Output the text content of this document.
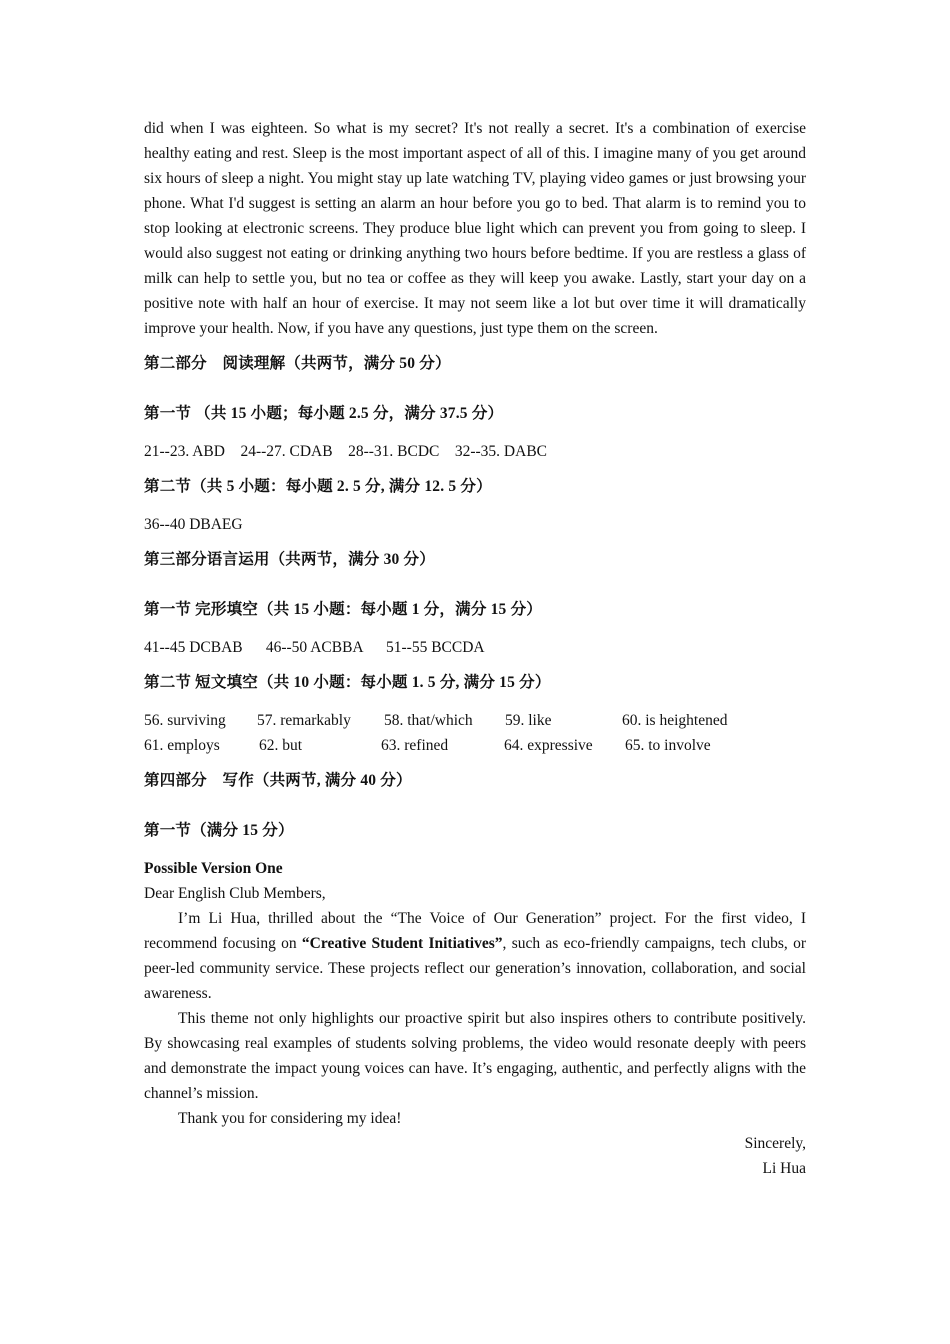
did when I was eighteen. So what is my secret? It's not really a secret. It's a combination of exercise healthy eating and rest. Sleep is the most important aspect of all of this. I imagine many of you get around six hours of sleep a night. You might stay up late watching TV, playing video games or just browsing your phone. What I'd suggest is setting an alarm an hour before you go to bed. That alarm is to remind you to stop looking at electronic screens. They produce blue light which can prevent you from going to sleep. I would also suggest not eating or drinking anything two hours before bedtime. If you are restless a glass of milk can help to settle you, but no tea or coffee as they will keep you awake. Lastly, start your day on a positive note with half an hour of exercise. It may not seem like a lot but over time it will dramatically improve your health. Now, if you have any questions, just type them on the screen.

第二部分　阅读理解（共两节，满分 50 分）

第一节 （共 15 小题；每小题 2.5 分，满分 37.5 分）

21--23. ABD    24--27. CDAB    28--31. BCDC    32--35. DABC

第二节（共 5 小题：每小题 2. 5 分, 满分 12. 5 分）

36--40 DBAEG

第三部分语言运用（共两节，满分 30 分）

第一节 完形填空（共 15 小题：每小题 1 分，满分 15 分）

41--45 DCBAB      46--50 ACBBA      51--55 BCCDA

第二节 短文填空（共 10 小题：每小题 1. 5 分, 满分 15 分）

56. surviving	57. remarkably	58. that/which	59. like	60. is heightened
61. employs	62. but	63. refined	64. expressive	65. to involve

第四部分　写作（共两节, 满分 40 分）

第一节（满分 15 分）

Possible Version One

Dear English Club Members,

I’m Li Hua, thrilled about the “The Voice of Our Generation” project. For the first video, I recommend focusing on “Creative Student Initiatives”, such as eco-friendly campaigns, tech clubs, or peer-led community service. These projects reflect our generation’s innovation, collaboration, and social awareness.

This theme not only highlights our proactive spirit but also inspires others to contribute positively. By showcasing real examples of students solving problems, the video would resonate deeply with peers and demonstrate the impact young voices can have. It’s engaging, authentic, and perfectly aligns with the channel’s mission.

Thank you for considering my idea!

Sincerely,

Li Hua
